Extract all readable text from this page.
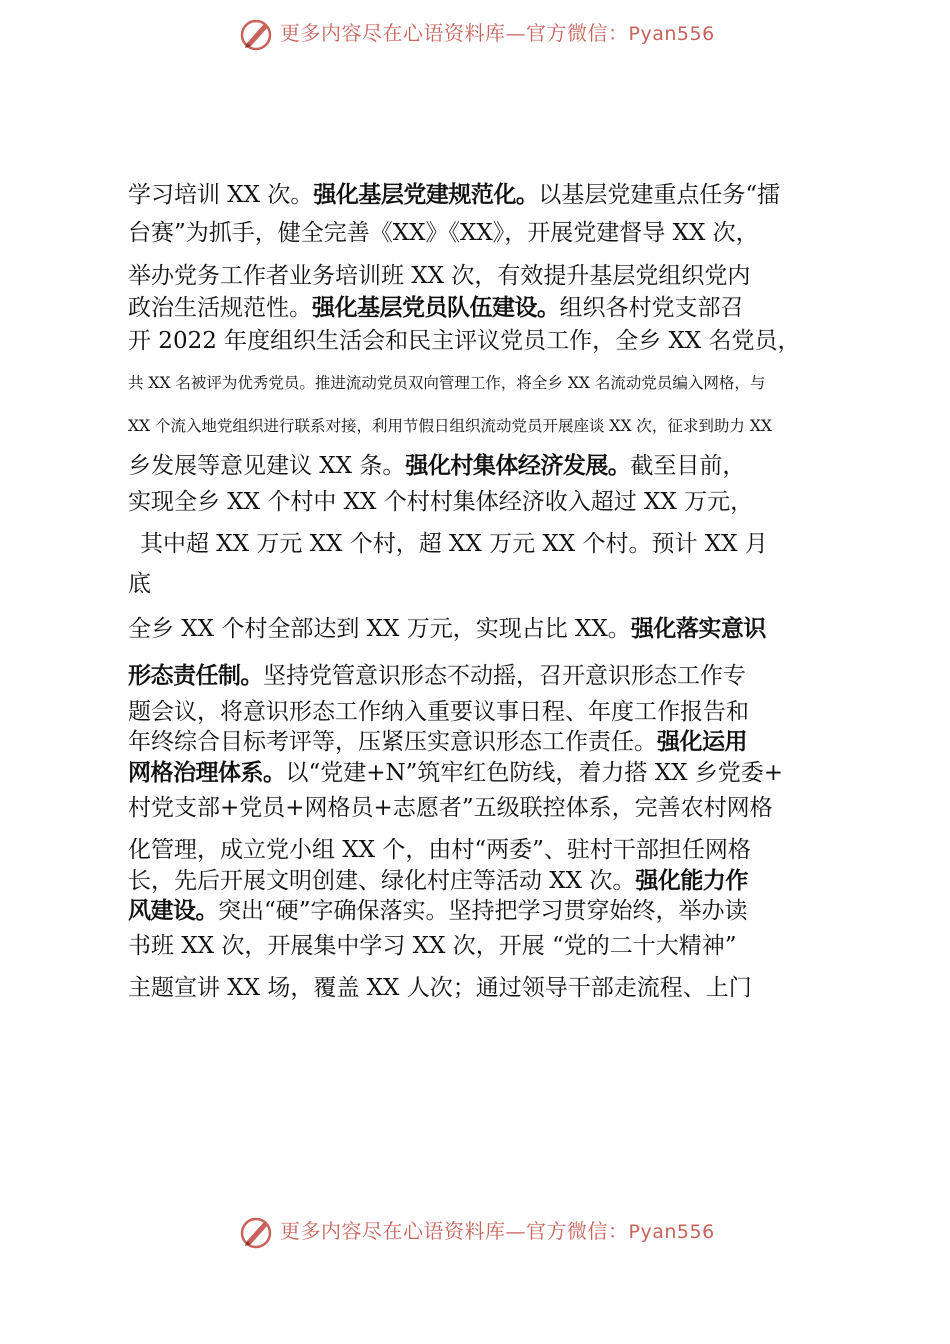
更多内容尽在心语资料库—官方微信：Pyan556
学习培训 XX 次。强化基层党建规范化。以基层党建重点任务“擂
台赛”为抓手，健全完善《XX》《XX》，开展党建督导 XX 次，
举办党务工作者业务培训班 XX 次，有效提升基层党组织党内
政治生活规范性。强化基层党员队伍建设。组织各村党支部召
开 2022 年度组织生活会和民主评议党员工作，全乡 XX 名党员，
共 XX 名被评为优秀党员。推进流动党员双向管理工作，将全乡 XX 名流动党员编入网格，与
XX 个流入地党组织进行联系对接，利用节假日组织流动党员开展座谈 XX 次，征求到助力 XX
乡发展等意见建议 XX 条。强化村集体经济发展。截至目前，
实现全乡 XX 个村中 XX 个村村集体经济收入超过 XX 万元，
其中超 XX 万元 XX 个村，超 XX 万元 XX 个村。预计 XX 月
底
全乡 XX 个村全部达到 XX 万元，实现占比 XX。强化落实意识
形态责任制。坚持党管意识形态不动摇，召开意识形态工作专
题会议，将意识形态工作纳入重要议事日程、年度工作报告和
年终综合目标考评等，压紧压实意识形态工作责任。强化运用
网格治理体系。以“党建+N”筑牢红色防线，着力搭 XX 乡党委+
村党支部+党员+网格员+志愿者”五级联控体系，完善农村网格
化管理，成立党小组 XX 个，由村“两委”、驻村干部担任网格
长，先后开展文明创建、绿化村庄等活动 XX 次。强化能力作
风建设。突出“硬”字确保落实。坚持把学习贯穿始终，举办读
书班 XX 次，开展集中学习 XX 次，开展 “党的二十大精神”
主题宣讲 XX 场，覆盖 XX 人次；通过领导干部走流程、上门
更多内容尽在心语资料库—官方微信：Pyan556
